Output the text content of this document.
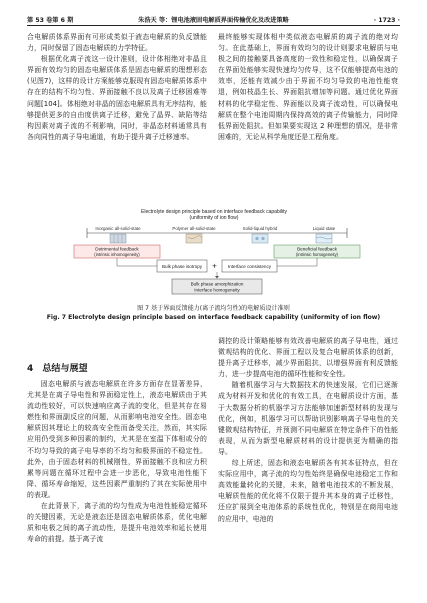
第 53 卷第 6 期	朱浩天 等：锂电池液固电解质界面传输优化及改进策略	· 1723 ·

合电解质体系界面有可形成类似于液态电解质的负反馈能力，同时保留了固态电解质的力学特征。

根据优化离子流这一设计准则，设计体相绝对非晶且界面有效均匀的固态电解质体系是固态电解质的理想形态(见图7)，这样的设计方案能够克服现有固态电解质体系中存在的结构不均匀性、界面接触不良以及离子迁移困难等问题[104]。体相绝对非晶的固态电解质具有无序结构，能够提供更多的自由度供离子迁移，避免了晶界、缺陷等结构因素对离子流的不利影响，同时，非晶态材料通常具有各向同性的离子导电通道，有助于提升离子迁移速率。

最终能够实现体相中类似液态电解质的离子流的绝对均匀。在此基础上，界面有效均匀的设计则要求电解质与电极之间的接触要具备高度的一致性和稳定性，以确保离子在界面处能够实现快速均匀传导，这不仅能够提高电池的效率，还能有效减少由于界面不均匀导致的电池性能衰退，例如枝晶生长、界面阻抗增加等问题。通过优化界面材料的化学稳定性、界面能以及离子流动性，可以确保电解质在整个电池周期内保持高效的离子传输能力，同时降低界面处阻抗。但如果要实现这 2 种理想的情况，是非常困难的，无论从科学角度还是工程角度。

Electrolyte design principle based on interface feedback capability
(uniformity of ion flow)
Inorganic all-solid-state	Polymer all-solid-state	Solid-liquid hybrid	Liquid state
Detrimental feedback
(intrinsic inhomogeneity)
Beneficial feedback
(intrinsic homogeneity)
Bulk phase isotropy + Interface consistency
Bulk phase amorphization
Interface homogeneity
图 7 基于界面反馈能力(离子流均匀性)的电解质设计准则
Fig. 7 Electrolyte design principle based on interface feedback capability (uniformity of ion flow)
4  总结与展望

固态电解质与液态电解质在许多方面存在显著差异，尤其是在离子导电性和界面稳定性上，液态电解质由于其流动性较好，可以快速响应离子流的变化，但是其存在易燃性和界面副反应的问题，从而影响电池安全性。固态电解质因其理论上的较高安全性而备受关注，然而，其实际应用仍受到多种因素的制约，尤其是在室温下体相或分的不均匀导致的离子电导率的不均匀和极界面的不稳定性。此外，由于固态材料的机械刚性，界面接触不良和应力积累等问题在循环过程中会进一步恶化，导致电池性能下降、循环寿命缩短，这些因素严重制约了其在实际使用中的表现。

在此背景下，离子流的均匀性成为电池性能稳定循环的关键因素，无论是液态还是固态电解质体系，优化电解质和电极之间的离子流动性，是提升电池效率和延长使用寿命的前提。基于离子流

调控的设计策略能够有效改善电解质的离子导电性，通过微观结构的优化、界面工程以及复合电解质体系的创新，提升离子迁移率，减少界面阻抗，以增强界面有利反馈能力，进一步提高电池的循环性能和安全性。

随着机器学习与大数据技术的快速发展，它们已逐渐成为材料开发和优化的有效工具，在电解质设计方面，基于大数据分析的机器学习方法能够加速新型材料的发现与优化，例如，机器学习可以帮助识别影响离子导电性的关键微观结构特征，并预测不同电解质在特定条件下的性能表现，从而为新型电解质材料的设计提供更为精确的指导。

综上所述，固态和液态电解质各有其本征特点，但在实际应用中，离子流的均匀性始终是确保电池稳定工作和高效能量转化的关键，未来，随着电池技术的不断发展，电解质性能的优化将不仅限于提升其本身的离子迁移性，还应扩展到全电池体系的系统性优化，特别是在商用电池的应用中，电池的
